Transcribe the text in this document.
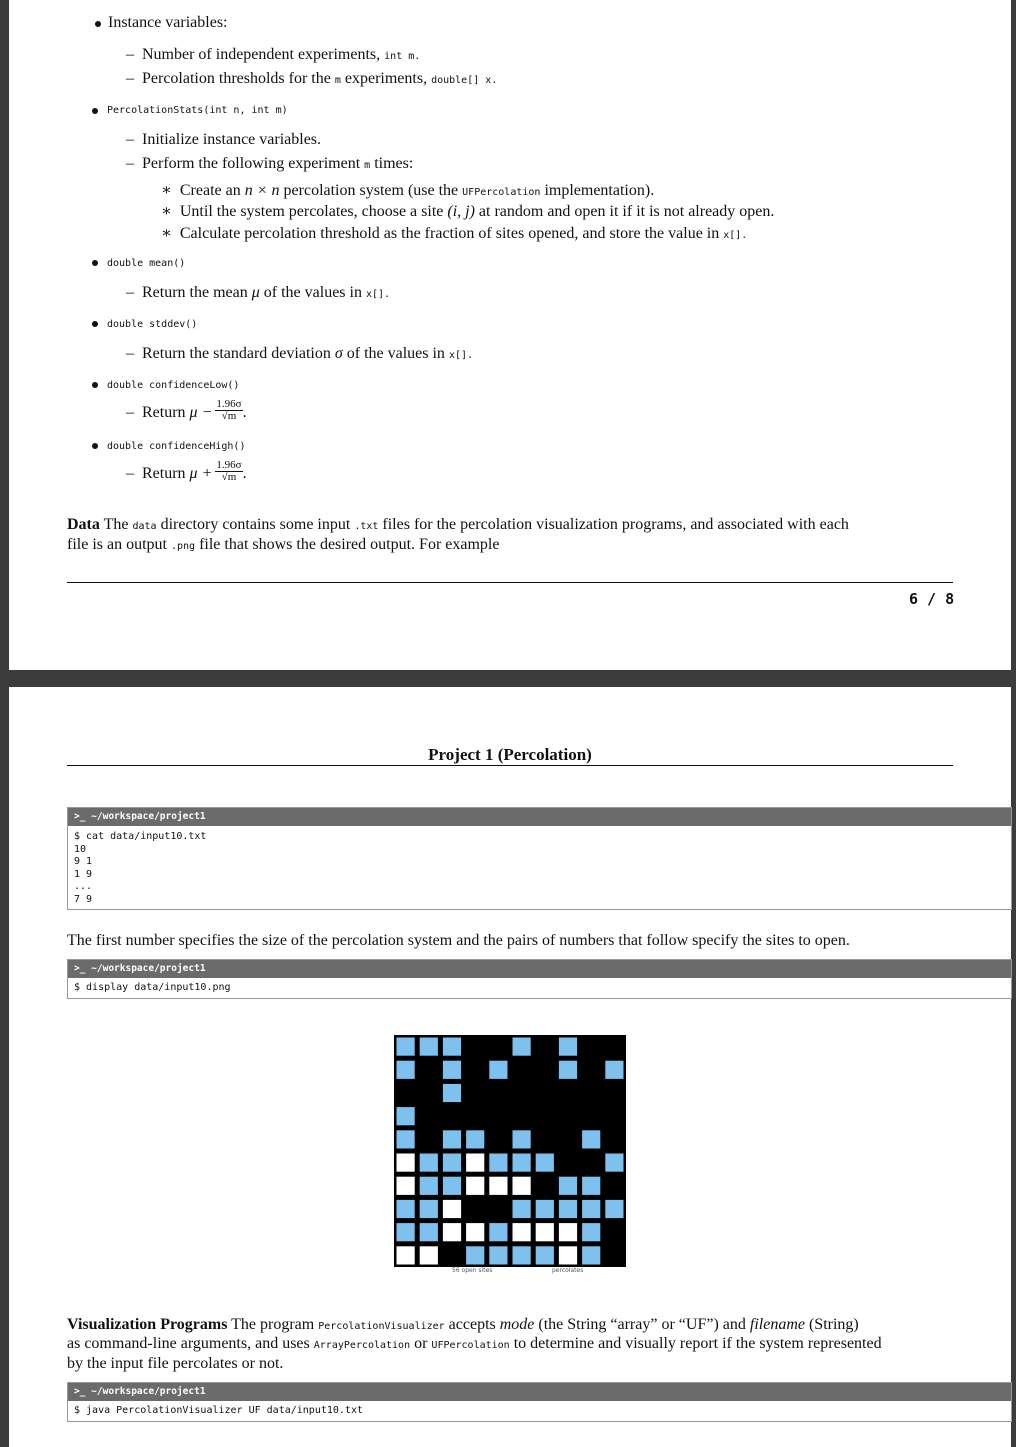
Instance variables:
– Number of independent experiments, int m.
– Percolation thresholds for the m experiments, double[] x.
PercolationStats(int n, int m)
– Initialize instance variables.
– Perform the following experiment m times:
∗ Create an n × n percolation system (use the UFPercolation implementation).
∗ Until the system percolates, choose a site (i, j) at random and open it if it is not already open.
∗ Calculate percolation threshold as the fraction of sites opened, and store the value in x[].
double mean()
– Return the mean μ of the values in x[].
double stddev()
– Return the standard deviation σ of the values in x[].
double confidenceLow()
– Return $\mu - \frac{1.96\sigma}{√m}$ .
double confidenceHigh()
– Return $\mu + \frac{1.96\sigma}{√m}$ .
Data The data directory contains some input .txt files for the percolation visualization programs, and associated with each
file is an output .png file that shows the desired output. For example
6 / 8
Project 1 (Percolation)
>_ ~/workspace/project1
$ cat data/input10.txt
10
9 1
1 9
...
7 9
The first number specifies the size of the percolation system and the pairs of numbers that follow specify the sites to open.
>_ ~/workspace/project1
$ display data/input10.png
56 open sites	percolates
Visualization Programs The program PercolationVisualizer accepts mode (the String “array” or “UF”) and filename (String)
as command-line arguments, and uses ArrayPercolation or UFPercolation to determine and visually report if the system represented
by the input file percolates or not.
>_ ~/workspace/project1
$ java PercolationVisualizer UF data/input10.txt
